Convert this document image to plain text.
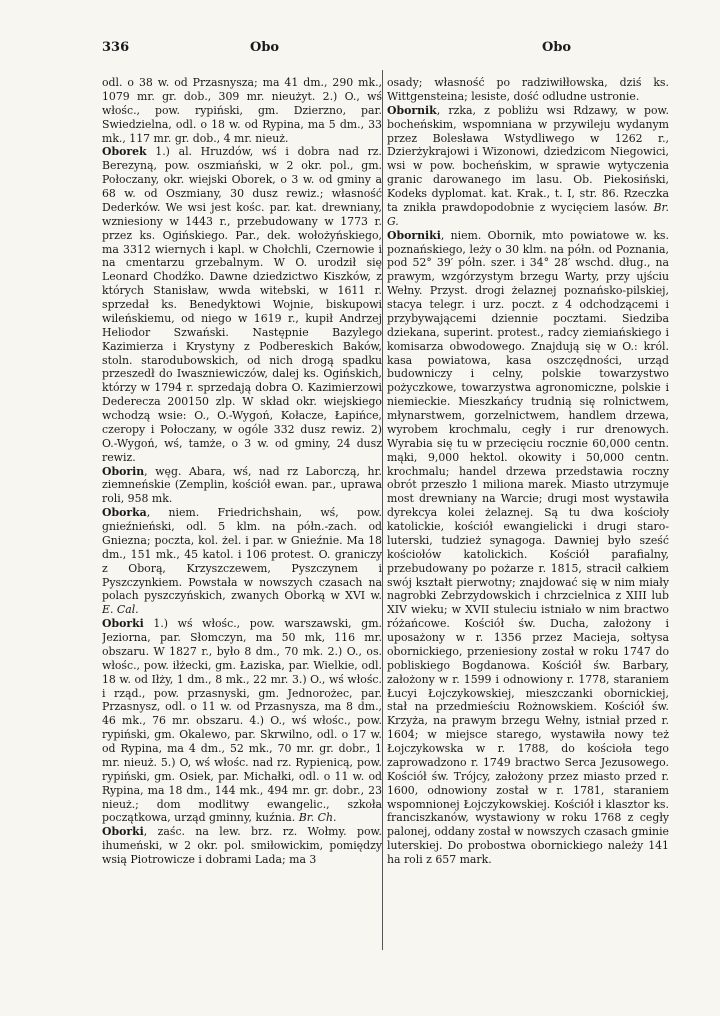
336	Obo	Obo

odl. o 38 w. od Przasnysza; ma 41 dm., 290 mk., 1079 mr. gr. dob., 309 mr. nieużyt. 2.) O., wś włośc., pow. rypiński, gm. Dzierzno, par. Swiedzielna, odl. o 18 w. od Rypina, ma 5 dm., 33 mk., 117 mr. gr. dob., 4 mr. nieuż.

Oborek 1.) al. Hruzdów, wś i dobra nad rz. Berezyną, pow. oszmiański, w 2 okr. pol., gm. Połoczany, okr. wiejski Oborek, o 3 w. od gminy a 68 w. od Oszmiany, 30 dusz rewiz.; własność Dederków. We wsi jest kośc. par. kat. drewniany, wzniesiony w 1443 r., przebudowany w 1773 r. przez ks. Ogińskiego. Par., dek. wołożyńskiego, ma 3312 wiernych i kapl. w Chołchli, Czernowie i na cmentarzu grzebalnym. W O. urodził się Leonard Chodźko. Dawne dziedzictwo Kiszków, z których Stanisław, wwda witebski, w 1611 r. sprzedał ks. Benedyktowi Wojnie, biskupowi wileńskiemu, od niego w 1619 r., kupił Andrzej Heliodor Szwański. Następnie Bazylego Kazimierza i Krystyny z Podbereskich Baków, stoln. starodubowskich, od nich drogą spadku przeszedł do Iwaszniewiczów, dalej ks. Ogińskich, którzy w 1794 r. sprzedają dobra O. Kazimierzowi Dederecza 200150 zlp. W skład okr. wiejskiego wchodzą wsie: O., O.-Wygoń, Kołacze, Łapińce, czeropy i Połoczany, w ogóle 332 dusz rewiz. 2) O.-Wygoń, wś, tamże, o 3 w. od gminy, 24 dusz rewiz.

Oborin, węg. Abara, wś, nad rz Laborczą, hr. ziemneńskie (Zemplin, kościół ewan. par., uprawa roli, 958 mk.

Oborka, niem. Friedrichshain, wś, pow. gnieźnieński, odl. 5 klm. na półn.-zach. od Gniezna; poczta, kol. żel. i par. w Gnieźnie. Ma 18 dm., 151 mk., 45 katol. i 106 protest. O. graniczy z Oborą, Krzyszczewem, Pyszczynem i Pyszczynkiem. Powstała w nowszych czasach na polach pyszczyńskich, zwanych Oborką w XVI w. E. Cal.

Oborki 1.) wś włośc., pow. warszawski, gm. Jeziorna, par. Słomczyn, ma 50 mk, 116 mr. obszaru. W 1827 r., było 8 dm., 70 mk. 2.) O., os. włośc., pow. iłżecki, gm. Łaziska, par. Wielkie, odl. 18 w. od Iłży, 1 dm., 8 mk., 22 mr. 3.) O., wś włośc. i rząd., pow. przasnyski, gm. Jednorożec, par. Przasnysz, odl. o 11 w. od Przasnysza, ma 8 dm., 46 mk., 76 mr. obszaru. 4.) O., wś włośc., pow. rypiński, gm. Okalewo, par. Skrwilno, odl. o 17 w. od Rypina, ma 4 dm., 52 mk., 70 mr. gr. dobr., 1 mr. nieuż. 5.) O, wś włośc. nad rz. Rypienicą, pow. rypiński, gm. Osiek, par. Michałki, odl. o 11 w. od Rypina, ma 18 dm., 144 mk., 494 mr. gr. dobr., 23 nieuż.; dom modlitwy ewangelic., szkoła początkowa, urząd gminny, kuźnia. Br. Ch.

Oborki, zaśc. na lew. brz. rz. Wołmy. pow. ihumeński, w 2 okr. pol. smiłowickim, pomiędzy wsią Piotrowicze i dobrami Lada; ma 3

osady; własność po radziwiłłowska, dziś ks. Wittgensteina; lesiste, dość odludne ustronie.

Obornik, rzka, z pobliżu wsi Rdzawy, w pow. bocheńskim, wspomniana w przywileju wydanym przez Bolesława Wstydliwego w 1262 r., Dzierżykrajowi i Wizonowi, dziedzicom Niegowici, wsi w pow. bocheńskim, w sprawie wytyczenia granic darowanego im lasu. Ob. Piekosiński, Kodeks dyplomat. kat. Krak., t. I, str. 86. Rzeczka ta znikła prawdopodobnie z wycięciem lasów. Br. G.

Oborniki, niem. Obornik, mto powiatowe w. ks. poznańskiego, leży o 30 klm. na półn. od Poznania, pod 52° 39′ półn. szer. i 34° 28′ wschd. dług., na prawym, wzgórzystym brzegu Warty, przy ujściu Wełny. Przyst. drogi żelaznej poznańsko-pilskiej, stacya telegr. i urz. poczt. z 4 odchodzącemi i przybywającemi dziennie pocztami. Siedziba dziekana, superint. protest., radcy ziemiańskiego i komisarza obwodowego. Znajdują się w O.: król. kasa powiatowa, kasa oszczędności, urząd budowniczy i celny, polskie towarzystwo pożyczkowe, towarzystwa agronomiczne, polskie i niemieckie. Mieszkańcy trudnią się rolnictwem, młynarstwem, gorzelnictwem, handlem drzewa, wyrobem krochmalu, cegły i rur drenowych. Wyrabia się tu w przecięciu rocznie 60,000 centn. mąki, 9,000 hektol. okowity i 50,000 centn. krochmalu; handel drzewa przedstawia roczny obrót przeszło 1 miliona marek. Miasto utrzymuje most drewniany na Warcie; drugi most wystawiła dyrekcya kolei żelaznej. Są tu dwa kościoły katolickie, kościół ewangielicki i drugi staro-luterski, tudzież synagoga. Dawniej było sześć kościołów katolickich. Kościół parafialny, przebudowany po pożarze r. 1815, stracił całkiem swój kształt pierwotny; znajdować się w nim miały nagrobki Zebrzydowskich i chrzcielnica z XIII lub XIV wieku; w XVII stuleciu istniało w nim bractwo różańcowe. Kościół św. Ducha, założony i uposażony w r. 1356 przez Macieja, sołtysa obornickiego, przeniesiony został w roku 1747 do pobliskiego Bogdanowa. Kościół św. Barbary, założony w r. 1599 i odnowiony r. 1778, staraniem Łucyi Łojczykowskiej, mieszczanki obornickiej, stał na przedmieściu Rożnowskiem. Kościół św. Krzyża, na prawym brzegu Wełny, istniał przed r. 1604; w miejsce starego, wystawiła nowy też Łojczykowska w r. 1788, do kościoła tego zaprowadzono r. 1749 bractwo Serca Jezusowego. Kościół św. Trójcy, założony przez miasto przed r. 1600, odnowiony został w r. 1781, staraniem wspomnionej Łojczykowskiej. Kościół i klasztor ks. franciszkanów, wystawiony w roku 1768 z cegły palonej, oddany został w nowszych czasach gminie luterskiej. Do probostwa obornickiego należy 141 ha roli z 657 mark.
